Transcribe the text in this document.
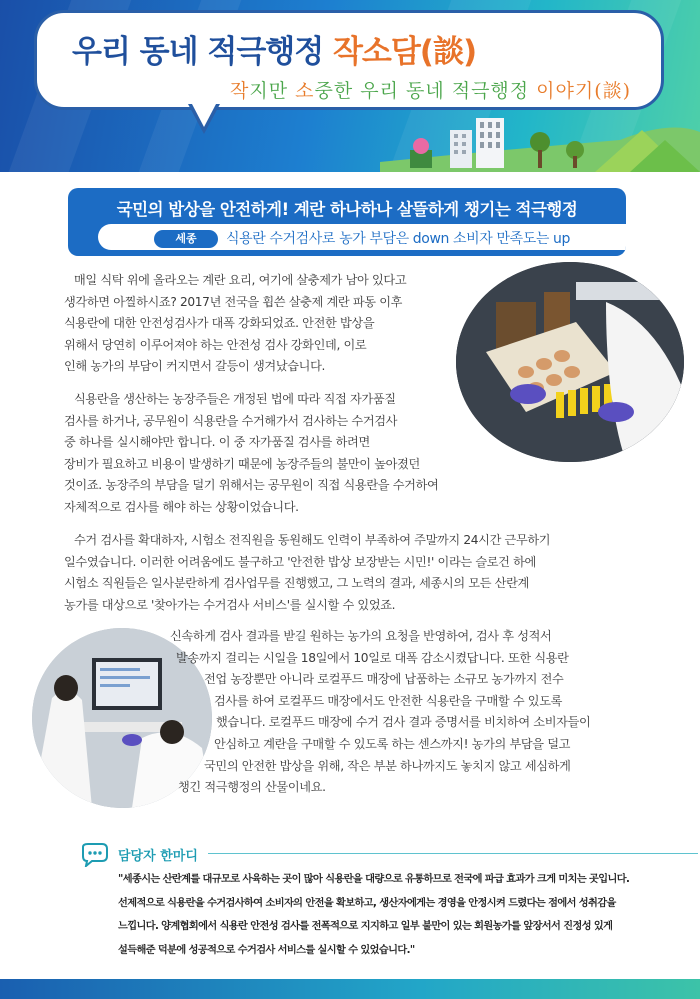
우리 동네 적극행정 작소담(談)
작지만 소중한 우리 동네 적극행정 이야기(談)
국민의 밥상을 안전하게! 계란 하나하나 살뜰하게 챙기는 적극행정
세종	식용란 수거검사로 농가 부담은 down 소비자 만족도는 up
매일 식탁 위에 올라오는 계란 요리, 여기에 살충제가 남아 있다고
생각하면 아찔하시죠? 2017년 전국을 휩쓴 살충제 계란 파동 이후
식용란에 대한 안전성검사가 대폭 강화되었죠. 안전한 밥상을
위해서 당연히 이루어져야 하는 안전성 검사 강화인데, 이로
인해 농가의 부담이 커지면서 갈등이 생겨났습니다.
식용란을 생산하는 농장주들은 개정된 법에 따라 직접 자가품질
검사를 하거나, 공무원이 식용란을 수거해가서 검사하는 수거검사
중 하나를 실시해야만 합니다. 이 중 자가품질 검사를 하려면
장비가 필요하고 비용이 발생하기 때문에 농장주들의 불만이 높아졌던
것이죠. 농장주의 부담을 덜기 위해서는 공무원이 직접 식용란을 수거하여
자체적으로 검사를 해야 하는 상황이었습니다.
수거 검사를 확대하자, 시험소 전직원을 동원해도 인력이 부족하여 주말까지 24시간 근무하기
일수였습니다. 이러한 어려움에도 불구하고 '안전한 밥상 보장받는 시민!' 이라는 슬로건 하에
시험소 직원들은 일사분란하게 검사업무를 진행했고, 그 노력의 결과, 세종시의 모든 산란계
농가를 대상으로 '찾아가는 수거검사 서비스'를 실시할 수 있었죠.
신속하게 검사 결과를 받길 원하는 농가의 요청을 반영하여, 검사 후 성적서
발송까지 걸리는 시일을 18일에서 10일로 대폭 감소시켰답니다. 또한 식용란
전업 농장뿐만 아니라 로컬푸드 매장에 납품하는 소규모 농가까지 전수
검사를 하여 로컬푸드 매장에서도 안전한 식용란을 구매할 수 있도록
했습니다. 로컬푸드 매장에 수거 검사 결과 증명서를 비치하여 소비자들이
안심하고 계란을 구매할 수 있도록 하는 센스까지! 농가의 부담을 덜고
국민의 안전한 밥상을 위해, 작은 부분 하나까지도 놓치지 않고 세심하게
챙긴 적극행정의 산물이네요.
담당자 한마디
"세종시는 산란계를 대규모로 사육하는 곳이 많아 식용란을 대량으로 유통하므로 전국에 파급 효과가 크게 미치는 곳입니다.
선제적으로 식용란을 수거검사하여 소비자의 안전을 확보하고, 생산자에게는 경영을 안정시켜 드렸다는 점에서 성취감을
느낍니다. 양계협회에서 식용란 안전성 검사를 전폭적으로 지지하고 일부 불만이 있는 회원농가를 앞장서서 진정성 있게
설득해준 덕분에 성공적으로 수거검사 서비스를 실시할 수 있었습니다."
